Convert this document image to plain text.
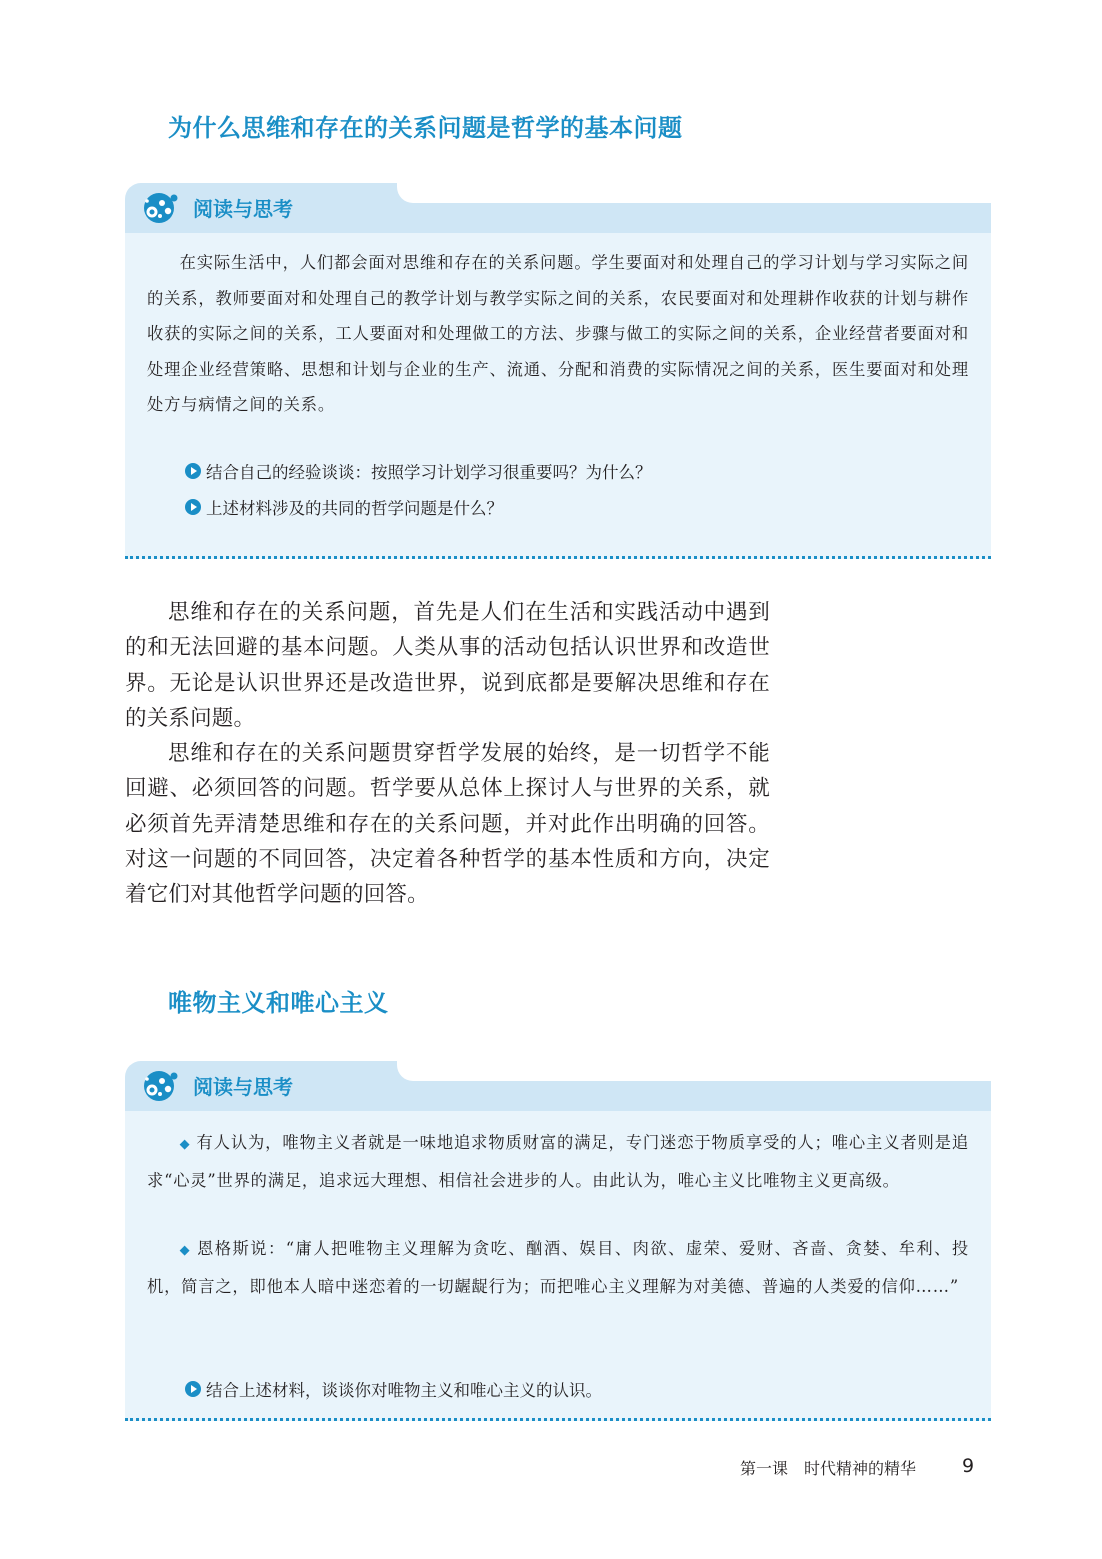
为什么思维和存在的关系问题是哲学的基本问题
阅读与思考

在实际生活中，人们都会面对思维和存在的关系问题。学生要面对和处理自己的学习计划与学习实际之间的关系，教师要面对和处理自己的教学计划与教学实际之间的关系，农民要面对和处理耕作收获的计划与耕作收获的实际之间的关系，工人要面对和处理做工的方法、步骤与做工的实际之间的关系，企业经营者要面对和处理企业经营策略、思想和计划与企业的生产、流通、分配和消费的实际情况之间的关系，医生要面对和处理处方与病情之间的关系。

结合自己的经验谈谈：按照学习计划学习很重要吗？为什么？
上述材料涉及的共同的哲学问题是什么？

思维和存在的关系问题，首先是人们在生活和实践活动中遇到的和无法回避的基本问题。人类从事的活动包括认识世界和改造世界。无论是认识世界还是改造世界，说到底都是要解决思维和存在的关系问题。

思维和存在的关系问题贯穿哲学发展的始终，是一切哲学不能回避、必须回答的问题。哲学要从总体上探讨人与世界的关系，就必须首先弄清楚思维和存在的关系问题，并对此作出明确的回答。对这一问题的不同回答，决定着各种哲学的基本性质和方向，决定着它们对其他哲学问题的回答。

唯物主义和唯心主义
阅读与思考

◆ 有人认为，唯物主义者就是一味地追求物质财富的满足，专门迷恋于物质享受的人；唯心主义者则是追求“心灵”世界的满足，追求远大理想、相信社会进步的人。由此认为，唯心主义比唯物主义更高级。

◆ 恩格斯说：“庸人把唯物主义理解为贪吃、酗酒、娱目、肉欲、虚荣、爱财、吝啬、贪婪、牟利、投机，简言之，即他本人暗中迷恋着的一切龌龊行为；而把唯心主义理解为对美德、普遍的人类爱的信仰……”

结合上述材料，谈谈你对唯物主义和唯心主义的认识。
第一课　时代精神的精华 9
